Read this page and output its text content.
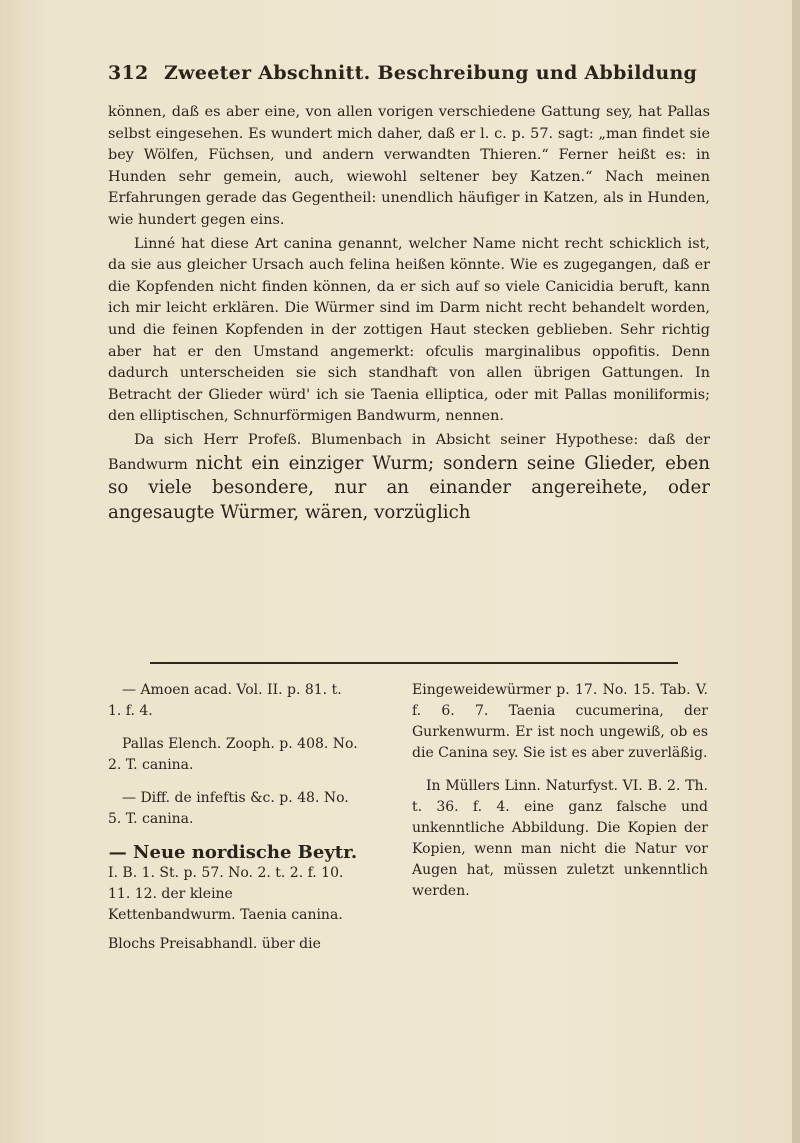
312 Zweeter Abschnitt. Beschreibung und Abbildung

können, daß es aber eine, von allen vorigen verschiedene Gattung sey, hat Pallas selbst eingesehen. Es wundert mich daher, daß er l. c. p. 57. sagt: „man findet sie bey Wölfen, Füchsen, und andern verwandten Thieren.“ Ferner heißt es: in Hunden sehr gemein, auch, wiewohl seltener bey Katzen.“ Nach meinen Erfahrungen gerade das Gegentheil: unendlich häufiger in Katzen, als in Hunden, wie hundert gegen eins.

Linné hat diese Art canina genannt, welcher Name nicht recht schicklich ist, da sie aus gleicher Ursach auch felina heißen könnte. Wie es zugegangen, daß er die Kopfenden nicht finden können, da er sich auf so viele Canicidia beruft, kann ich mir leicht erklären. Die Würmer sind im Darm nicht recht behandelt worden, und die feinen Kopfenden in der zottigen Haut stecken geblieben. Sehr richtig aber hat er den Umstand angemerkt: ofculis marginalibus oppofitis. Denn dadurch unterscheiden sie sich standhaft von allen übrigen Gattungen. In Betracht der Glieder würd' ich sie Taenia elliptica, oder mit Pallas moniliformis; den elliptischen, Schnurförmigen Bandwurm, nennen.

Da sich Herr Profeß. Blumenbach in Absicht seiner Hypothese: daß der Bandwurm nicht ein einziger Wurm; sondern seine Glieder, eben so viele besondere, nur an einander angereihete, oder angesaugte Würmer, wären, vorzüglich

— Amoen acad. Vol. II. p. 81. t. 1. f. 4.

Pallas Elench. Zooph. p. 408. No. 2. T. canina.

— Diff. de infeftis &c. p. 48. No. 5. T. canina.

— Neue nordische Beytr.

I. B. 1. St. p. 57. No. 2. t. 2. f. 10. 11. 12. der kleine Kettenbandwurm. Taenia canina.

Blochs Preisabhandl. über die

Eingeweidewürmer p. 17. No. 15. Tab. V. f. 6. 7. Taenia cucumerina, der Gurkenwurm. Er ist noch ungewiß, ob es die Canina sey. Sie ist es aber zuverläßig.

In Müllers Linn. Naturfyst. VI. B. 2. Th. t. 36. f. 4. eine ganz falsche und unkenntliche Abbildung. Die Kopien der Kopien, wenn man nicht die Natur vor Augen hat, müssen zuletzt unkenntlich werden.
